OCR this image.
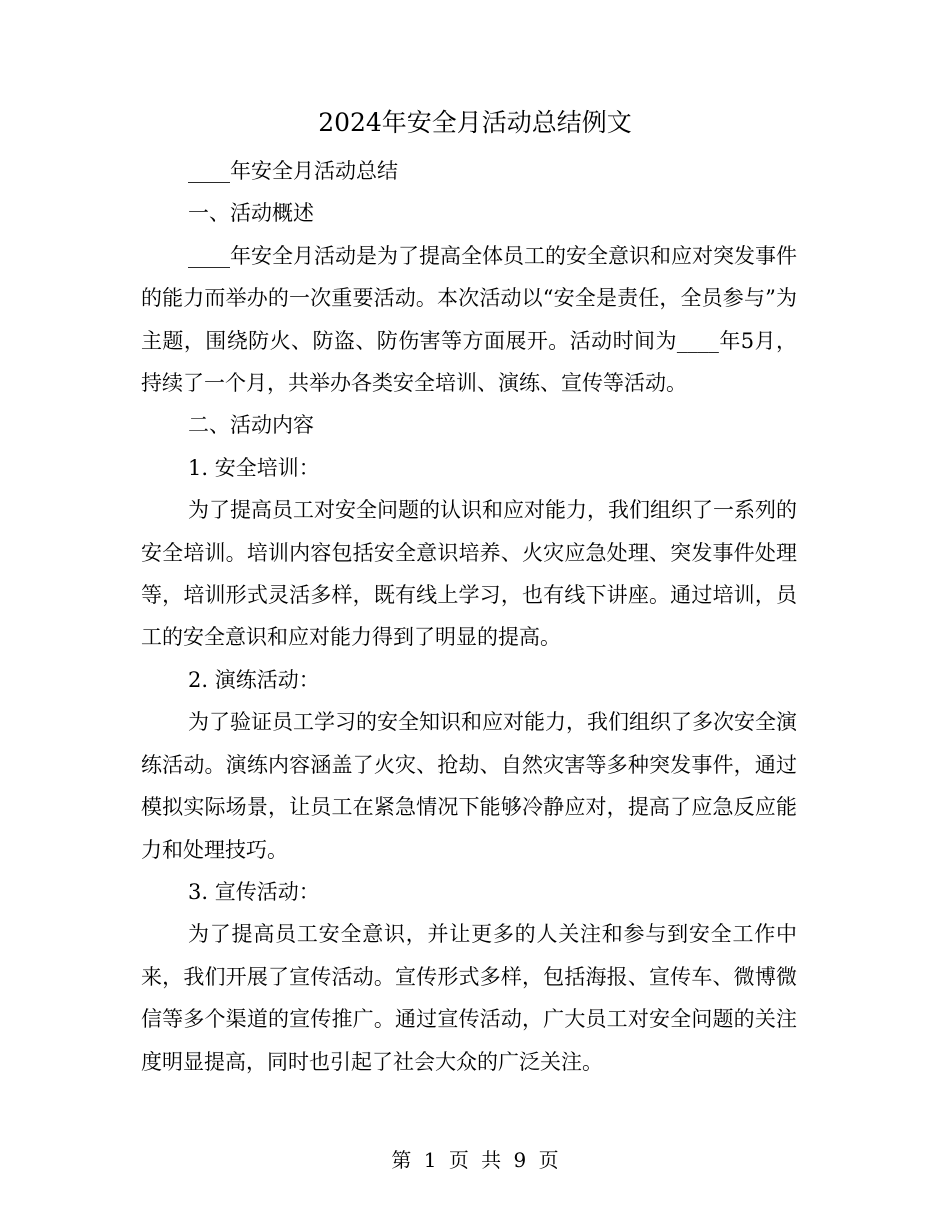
2024年安全月活动总结例文

____年安全月活动总结

一、活动概述

____年安全月活动是为了提高全体员工的安全意识和应对突发事件的能力而举办的一次重要活动。本次活动以“安全是责任，全员参与”为主题，围绕防火、防盗、防伤害等方面展开。活动时间为____年5月，持续了一个月，共举办各类安全培训、演练、宣传等活动。

二、活动内容

1. 安全培训：

为了提高员工对安全问题的认识和应对能力，我们组织了一系列的安全培训。培训内容包括安全意识培养、火灾应急处理、突发事件处理等，培训形式灵活多样，既有线上学习，也有线下讲座。通过培训，员工的安全意识和应对能力得到了明显的提高。

2. 演练活动：

为了验证员工学习的安全知识和应对能力，我们组织了多次安全演练活动。演练内容涵盖了火灾、抢劫、自然灾害等多种突发事件，通过模拟实际场景，让员工在紧急情况下能够冷静应对，提高了应急反应能力和处理技巧。

3. 宣传活动：

为了提高员工安全意识，并让更多的人关注和参与到安全工作中来，我们开展了宣传活动。宣传形式多样，包括海报、宣传车、微博微信等多个渠道的宣传推广。通过宣传活动，广大员工对安全问题的关注度明显提高，同时也引起了社会大众的广泛关注。

第 1 页 共 9 页
